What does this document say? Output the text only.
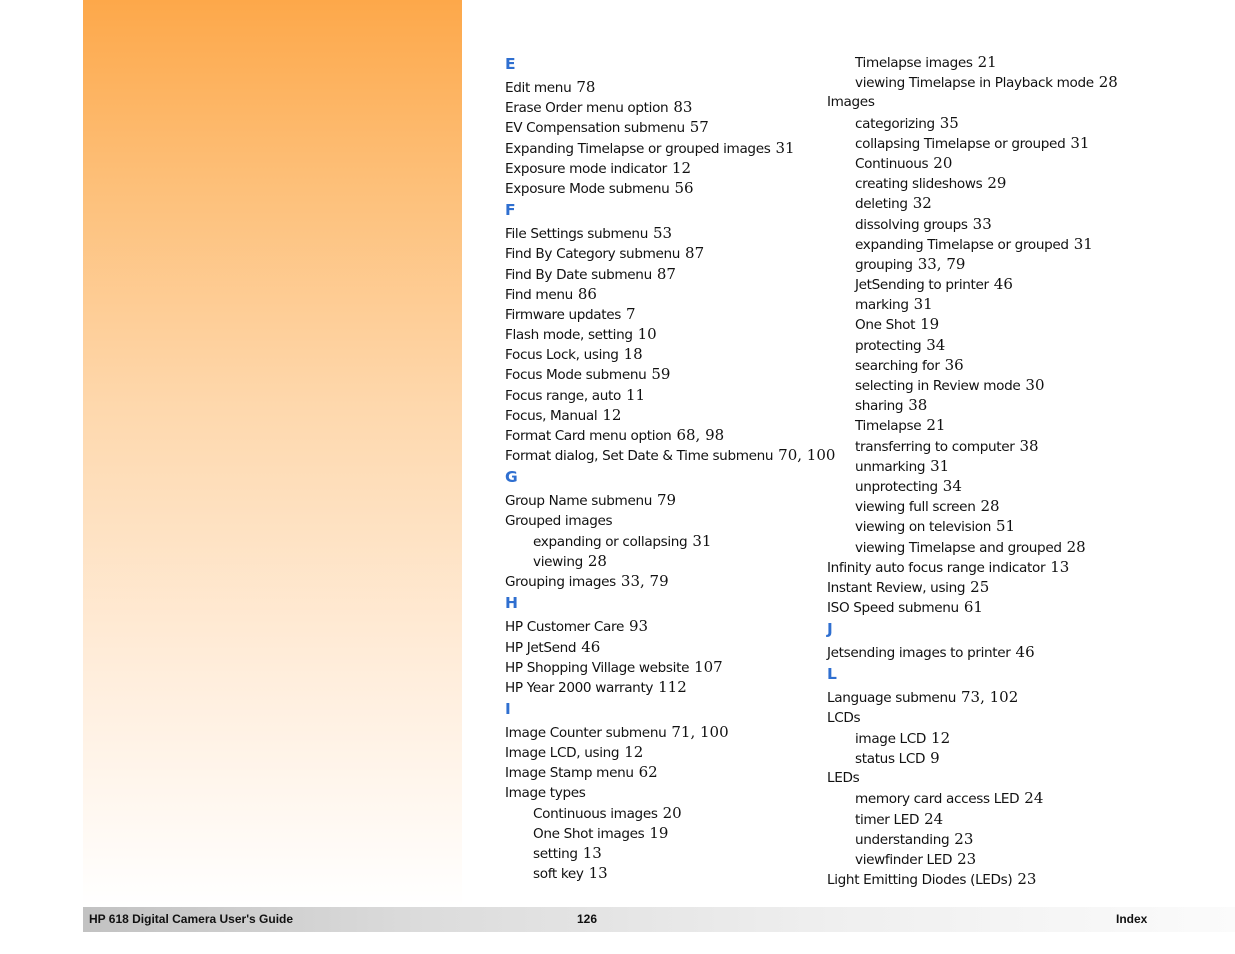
E
Edit menu 78
Erase Order menu option 83
EV Compensation submenu 57
Expanding Timelapse or grouped images 31
Exposure mode indicator 12
Exposure Mode submenu 56
F
File Settings submenu 53
Find By Category submenu 87
Find By Date submenu 87
Find menu 86
Firmware updates 7
Flash mode, setting 10
Focus Lock, using 18
Focus Mode submenu 59
Focus range, auto 11
Focus, Manual 12
Format Card menu option 68, 98
Format dialog, Set Date & Time submenu 70, 100
G
Group Name submenu 79
Grouped images
expanding or collapsing 31
viewing 28
Grouping images 33, 79
H
HP Customer Care 93
HP JetSend 46
HP Shopping Village website 107
HP Year 2000 warranty 112
I
Image Counter submenu 71, 100
Image LCD, using 12
Image Stamp menu 62
Image types
Continuous images 20
One Shot images 19
setting 13
soft key 13
Timelapse images 21
viewing Timelapse in Playback mode 28
Images
categorizing 35
collapsing Timelapse or grouped 31
Continuous 20
creating slideshows 29
deleting 32
dissolving groups 33
expanding Timelapse or grouped 31
grouping 33, 79
JetSending to printer 46
marking 31
One Shot 19
protecting 34
searching for 36
selecting in Review mode 30
sharing 38
Timelapse 21
transferring to computer 38
unmarking 31
unprotecting 34
viewing full screen 28
viewing on television 51
viewing Timelapse and grouped 28
Infinity auto focus range indicator 13
Instant Review, using 25
ISO Speed submenu 61
J
Jetsending images to printer 46
L
Language submenu 73, 102
LCDs
image LCD 12
status LCD 9
LEDs
memory card access LED 24
timer LED 24
understanding 23
viewfinder LED 23
Light Emitting Diodes (LEDs) 23
HP 618 Digital Camera User's Guide	126	Index
